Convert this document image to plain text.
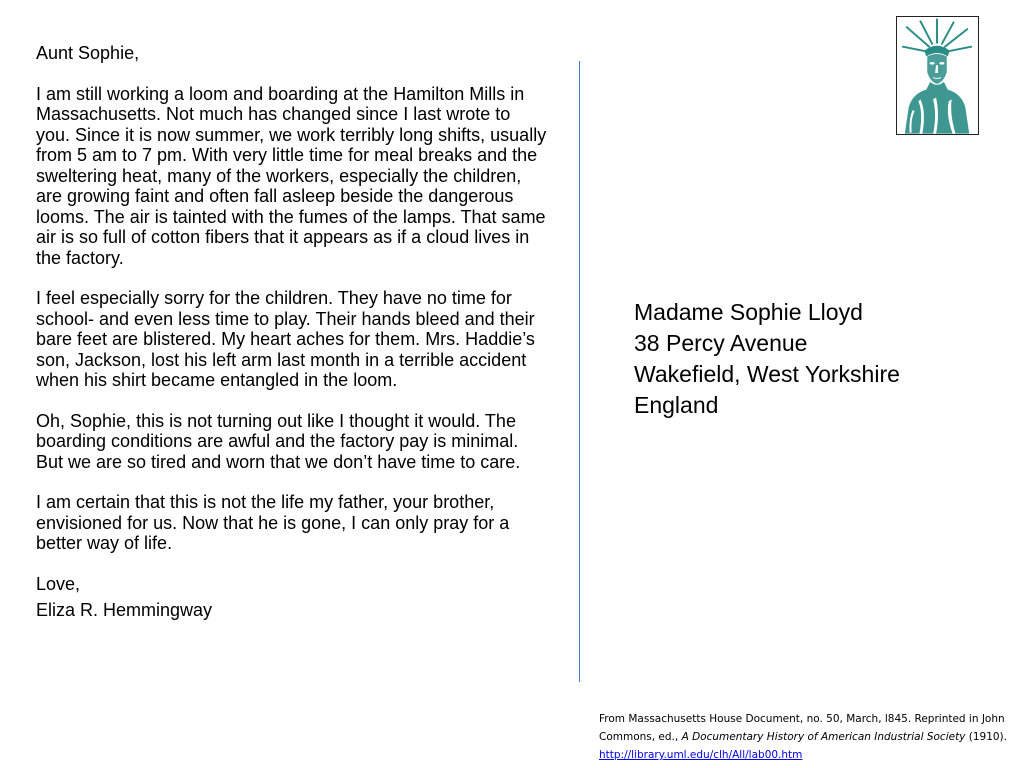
Aunt Sophie,

I am still working a loom and boarding at the Hamilton Mills in Massachusetts. Not much has changed since I last wrote to you. Since it is now summer, we work terribly long shifts, usually from 5 am to 7 pm. With very little time for meal breaks and the sweltering heat, many of the workers, especially the children, are growing faint and often fall asleep beside the dangerous looms. The air is tainted with the fumes of the lamps. That same air is so full of cotton fibers that it appears as if a cloud lives in the factory.

I feel especially sorry for the children. They have no time for school- and even less time to play. Their hands bleed and their bare feet are blistered. My heart aches for them. Mrs. Haddie’s son, Jackson, lost his left arm last month in a terrible accident when his shirt became entangled in the loom.

Oh, Sophie, this is not turning out like I thought it would. The boarding conditions are awful and the factory pay is minimal. But we are so tired and worn that we don’t have time to care.

I am certain that this is not the life my father, your brother, envisioned for us. Now that he is gone, I can only pray for a better way of life.

Love,

Eliza R. Hemmingway

Madame Sophie Lloyd
38 Percy Avenue
Wakefield, West Yorkshire
England
From Massachusetts House Document, no. 50, March, l845. Reprinted in John Commons, ed., A Documentary History of American Industrial Society (1910). http://library.uml.edu/clh/All/lab00.htm
